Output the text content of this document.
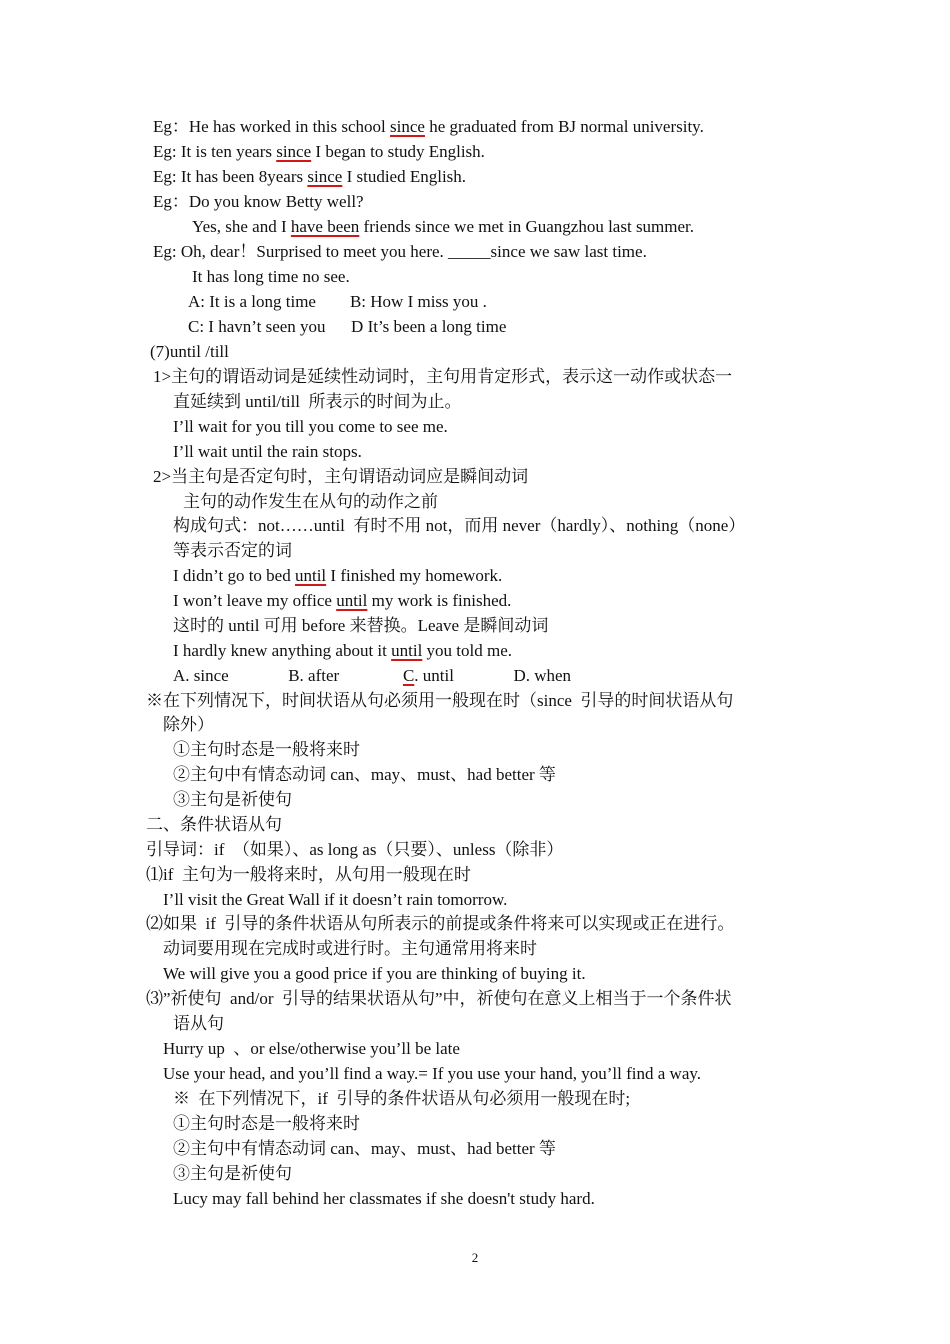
Eg：He has worked in this school since he graduated from BJ normal university.
Eg: It is ten years since I began to study English.
Eg: It has been 8years since I studied English.
Eg：Do you know Betty well?
Yes, she and I have been friends since we met in Guangzhou last summer.
Eg: Oh, dear！Surprised to meet you here. _____since we saw last time.
It has long time no see.
A: It is a long time        B: How I miss you .
C: I havn’t seen you      D It’s been a long time
(7)until /till
1>主句的谓语动词是延续性动词时，主句用肯定形式，表示这一动作或状态一
直延续到 until/till  所表示的时间为止。
I’ll wait for you till you come to see me.
I’ll wait until the rain stops.
2>当主句是否定句时，主句谓语动词应是瞬间动词
主句的动作发生在从句的动作之前
构成句式：not……until  有时不用 not，而用 never（hardly）、nothing（none）
等表示否定的词
I didn’t go to bed until I finished my homework.
I won’t leave my office until my work is finished.
这时的 until 可用 before 来替换。Leave 是瞬间动词
I hardly knew anything about it until you told me.
A. since              B. after               C. until              D. when
※在下列情况下，时间状语从句必须用一般现在时（since  引导的时间状语从句
除外）
①主句时态是一般将来时
②主句中有情态动词 can、may、must、had better 等
③主句是祈使句
二、条件状语从句
引导词：if  （如果）、as long as（只要）、unless（除非）
⑴if  主句为一般将来时，从句用一般现在时
I’ll visit the Great Wall if it doesn’t rain tomorrow.
⑵如果  if  引导的条件状语从句所表示的前提或条件将来可以实现或正在进行。
动词要用现在完成时或进行时。主句通常用将来时
We will give you a good price if you are thinking of buying it.
⑶”祈使句  and/or  引导的结果状语从句”中，祈使句在意义上相当于一个条件状
语从句
Hurry up  、or else/otherwise you’ll be late
Use your head, and you’ll find a way.= If you use your hand, you’ll find a way.
※  在下列情况下，if  引导的条件状语从句必须用一般现在时;
①主句时态是一般将来时
②主句中有情态动词 can、may、must、had better 等
③主句是祈使句
Lucy may fall behind her classmates if she doesn't study hard.
2
